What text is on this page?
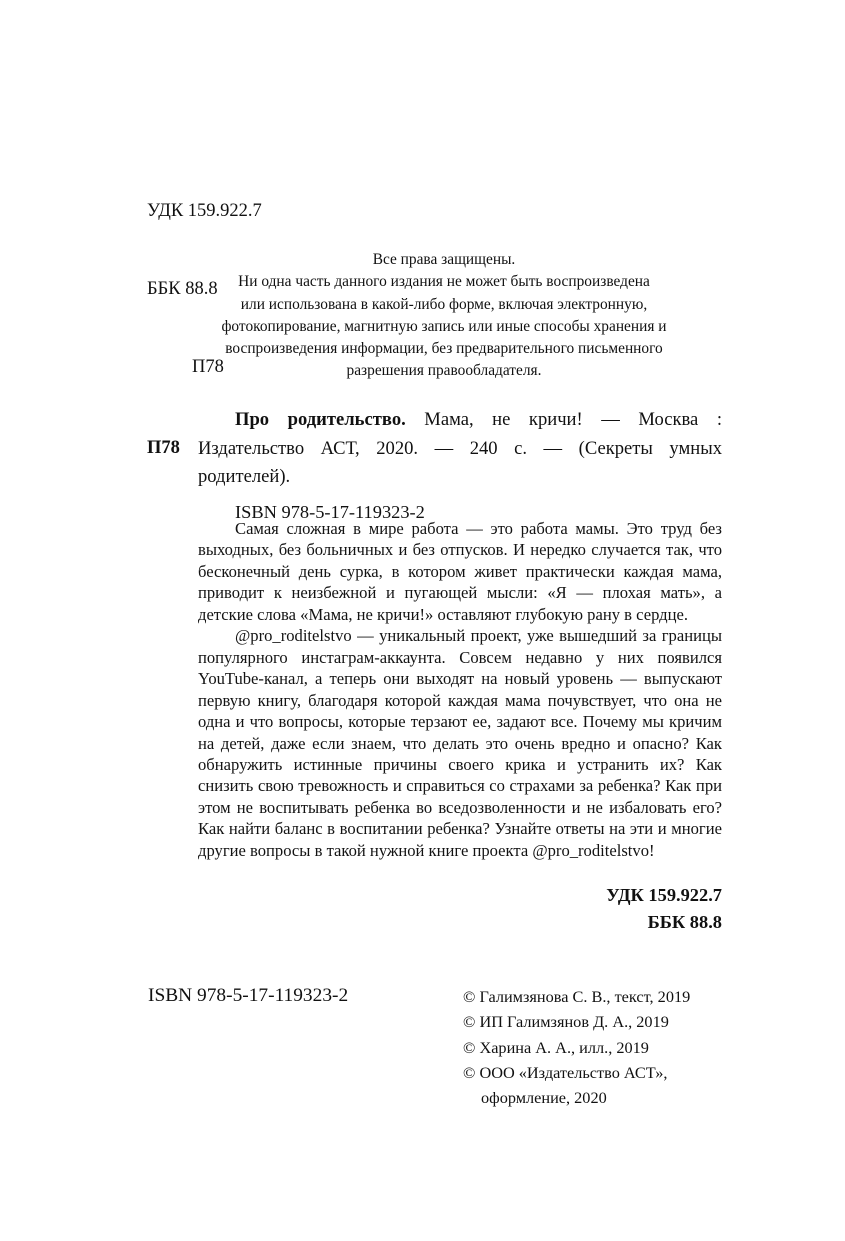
УДК 159.922.7

ББК 88.8

П78

Все права защищены.
Ни одна часть данного издания не может быть воспроизведена
или использована в какой-либо форме, включая электронную,
фотокопирование, магнитную запись или иные способы хранения и
воспроизведения информации, без предварительного письменного
разрешения правообладателя.
П78
Про родительство. Мама, не кричи! — Москва : Издательство АСТ, 2020. — 240 с. — (Секреты умных родителей).
ISBN 978-5-17-119323-2

Самая сложная в мире работа — это работа мамы. Это труд без выходных, без больничных и без отпусков. И нередко случается так, что бесконечный день сурка, в котором живет практически каждая мама, приводит к неизбежной и пугающей мысли: «Я — плохая мать», а детские слова «Мама, не кричи!» оставляют глубокую рану в сердце.

@pro_roditelstvo — уникальный проект, уже вышедший за границы популярного инстаграм-аккаунта. Совсем недавно у них появился YouTube-канал, а теперь они выходят на новый уровень — выпускают первую книгу, благодаря которой каждая мама почувствует, что она не одна и что вопросы, которые терзают ее, задают все. Почему мы кричим на детей, даже если знаем, что делать это очень вредно и опасно? Как обнаружить истинные причины своего крика и устранить их? Как снизить свою тревожность и справиться со страхами за ребенка? Как при этом не воспитывать ребенка во вседозволенности и не избаловать его? Как найти баланс в воспитании ребенка? Узнайте ответы на эти и многие другие вопросы в такой нужной книге проекта @pro_roditelstvo!

УДК 159.922.7
ББК 88.8
ISBN 978-5-17-119323-2	© Галимзянова С. В., текст, 2019
© ИП Галимзянов Д. А., 2019
© Харина А. А., илл., 2019
© ООО «Издательство АСТ»,
оформление, 2020
